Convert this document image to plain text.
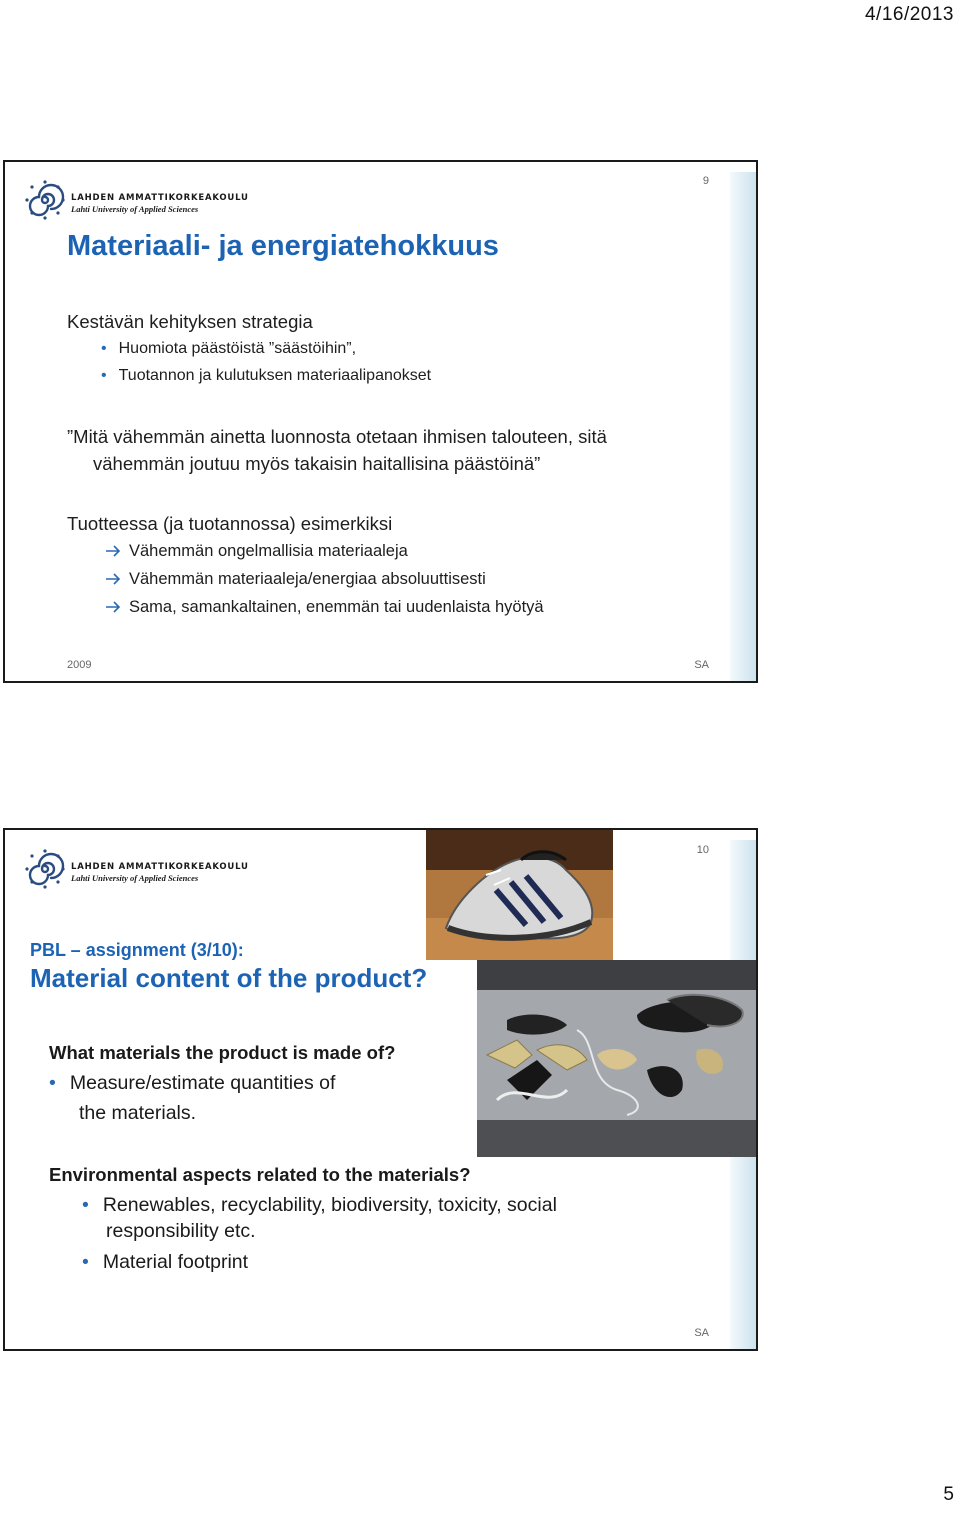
4/16/2013
9
LAHDEN AMMATTIKORKEAKOULU
Lahti University of Applied Sciences
Materiaali- ja energiatehokkuus
Kestävän kehityksen strategia
• Huomiota päästöistä ”säästöihin”,
• Tuotannon ja kulutuksen materiaalipanokset
”Mitä vähemmän ainetta luonnosta otetaan ihmisen talouteen, sitä
vähemmän joutuu myös takaisin haitallisina päästöinä”
Tuotteessa (ja tuotannossa) esimerkiksi
Vähemmän ongelmallisia materiaaleja
Vähemmän materiaaleja/energiaa absoluuttisesti
Sama, samankaltainen, enemmän tai uudenlaista hyötyä
2009	SA
10
LAHDEN AMMATTIKORKEAKOULU
Lahti University of Applied Sciences
PBL – assignment (3/10):
Material content of the product?
What materials the product is made of?
• Measure/estimate quantities of
the materials.
Environmental aspects related to the materials?
• Renewables, recyclability, biodiversity, toxicity, social
responsibility etc.
• Material footprint
SA
5
